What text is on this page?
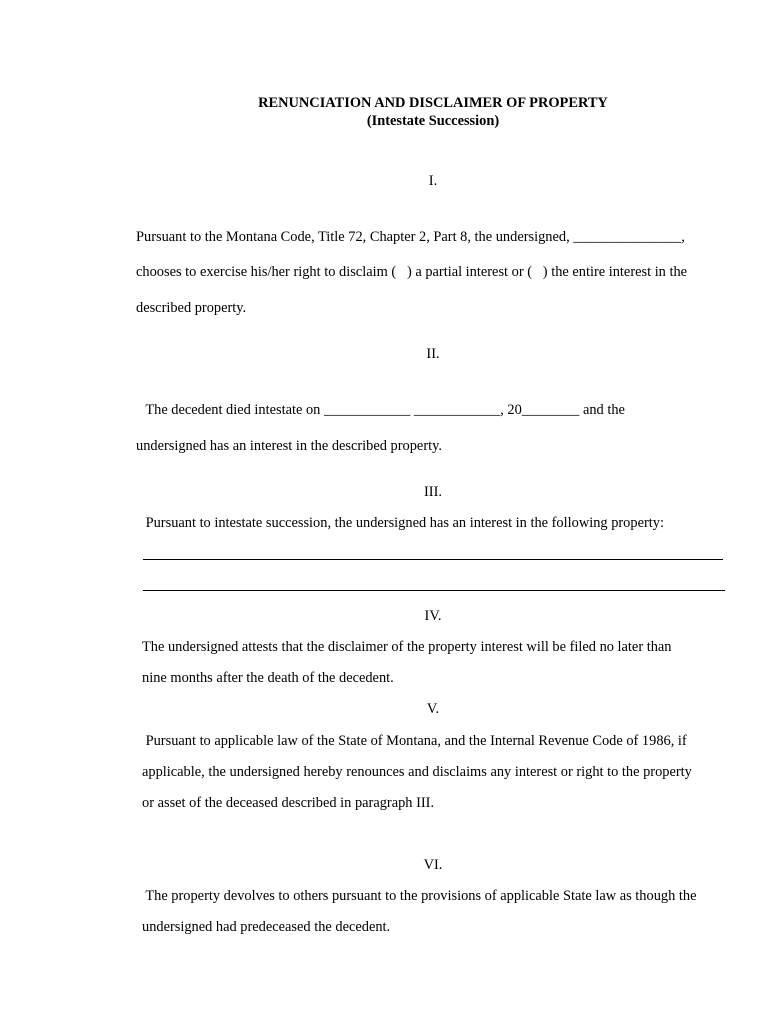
RENUNCIATION AND DISCLAIMER OF PROPERTY
(Intestate Succession)
I.
Pursuant to the Montana Code, Title 72, Chapter 2, Part 8, the undersigned, _______________,
chooses to exercise his/her right to disclaim (   ) a partial interest or (   ) the entire interest in the
described property.
II.
The decedent died intestate on ____________ ____________, 20________ and the
undersigned has an interest in the described property.
III.
Pursuant to intestate succession, the undersigned has an interest in the following property:
IV.
The undersigned attests that the disclaimer of the property interest will be filed no later than
nine months after the death of the decedent.
V.
Pursuant to applicable law of the State of Montana, and the Internal Revenue Code of 1986, if
applicable, the undersigned hereby renounces and disclaims any interest or right to the property
or asset of the deceased described in paragraph III.
VI.
The property devolves to others pursuant to the provisions of applicable State law as though the
undersigned had predeceased the decedent.
